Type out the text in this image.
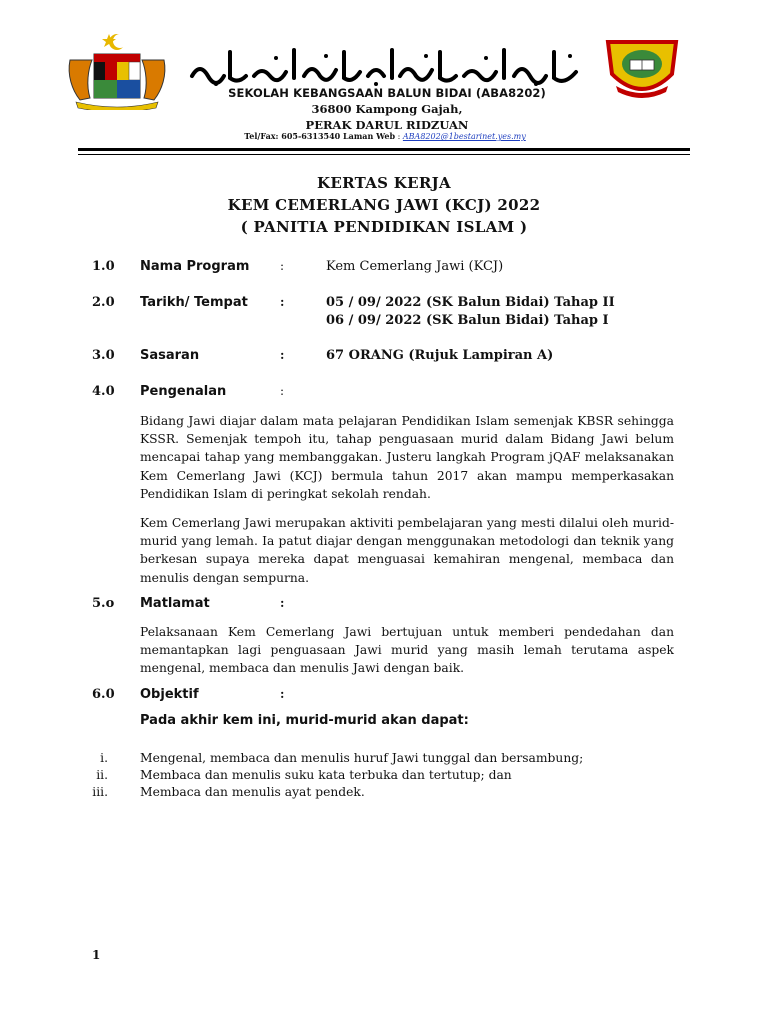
SEKOLAH KEBANGSAAN BALUN BIDAI (ABA8202)
36800 Kampong Gajah,
PERAK DARUL RIDZUAN
Tel/Fax: 605-6313540 Laman Web : ABA8202@1bestarinet.yes.my
KERTAS KERJA
KEM CEMERLANG JAWI (KCJ) 2022
( PANITIA PENDIDIKAN ISLAM )
1.0 Nama Program	:	Kem Cemerlang Jawi (KCJ)
2.0 Tarikh/ Tempat	:	05 / 09/ 2022 (SK Balun Bidai) Tahap II
06 / 09/ 2022 (SK Balun Bidai) Tahap I
3.0 Sasaran	:	67 ORANG (Rujuk Lampiran A)
4.0 Pengenalan	:
Bidang Jawi diajar dalam mata pelajaran Pendidikan Islam semenjak KBSR sehingga KSSR. Semenjak tempoh itu, tahap penguasaan murid dalam Bidang Jawi belum mencapai tahap yang membanggakan. Justeru langkah Program jQAF melaksanakan Kem Cemerlang Jawi (KCJ) bermula tahun 2017 akan mampu memperkasakan Pendidikan Islam di peringkat sekolah rendah.
Kem Cemerlang Jawi merupakan aktiviti pembelajaran yang mesti dilalui oleh murid-murid yang lemah. Ia patut diajar dengan menggunakan metodologi dan teknik yang berkesan supaya mereka dapat menguasai kemahiran mengenal, membaca dan menulis dengan sempurna.
5.o Matlamat	:
Pelaksanaan Kem Cemerlang Jawi bertujuan untuk memberi pendedahan dan memantapkan lagi penguasaan Jawi murid yang masih lemah terutama aspek mengenal, membaca dan menulis Jawi dengan baik.
6.0 Objektif	:
Pada akhir kem ini, murid-murid akan dapat:
i.	Mengenal, membaca dan menulis huruf Jawi tunggal dan bersambung;
ii.	Membaca dan menulis suku kata terbuka dan tertutup; dan
iii.	Membaca dan menulis ayat pendek.
1
